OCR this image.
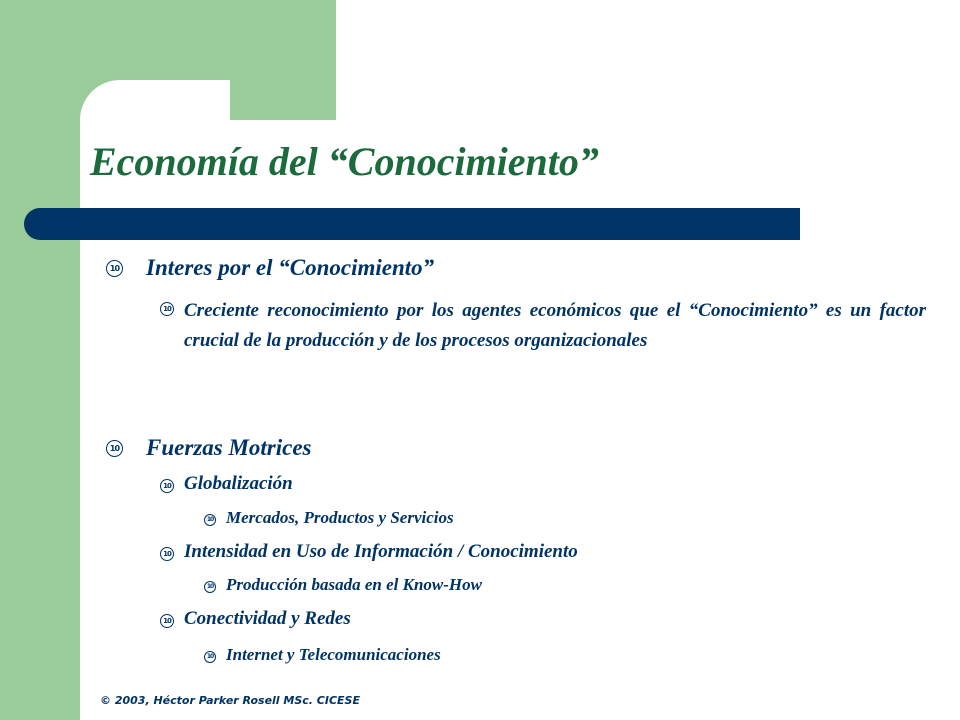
Economía del “Conocimiento”
10 Interes por el “Conocimiento”
10 Creciente reconocimiento por los agentes económicos que el “Conocimiento” es un factor crucial de la producción y de los procesos organizacionales
10 Fuerzas Motrices
10 Globalización
10 Mercados, Productos y Servicios
10 Intensidad en Uso de Información / Conocimiento
10 Producción basada en el Know-How
10 Conectividad y Redes
10 Internet y Telecomunicaciones
© 2003, Héctor Parker Rosell MSc. CICESE
